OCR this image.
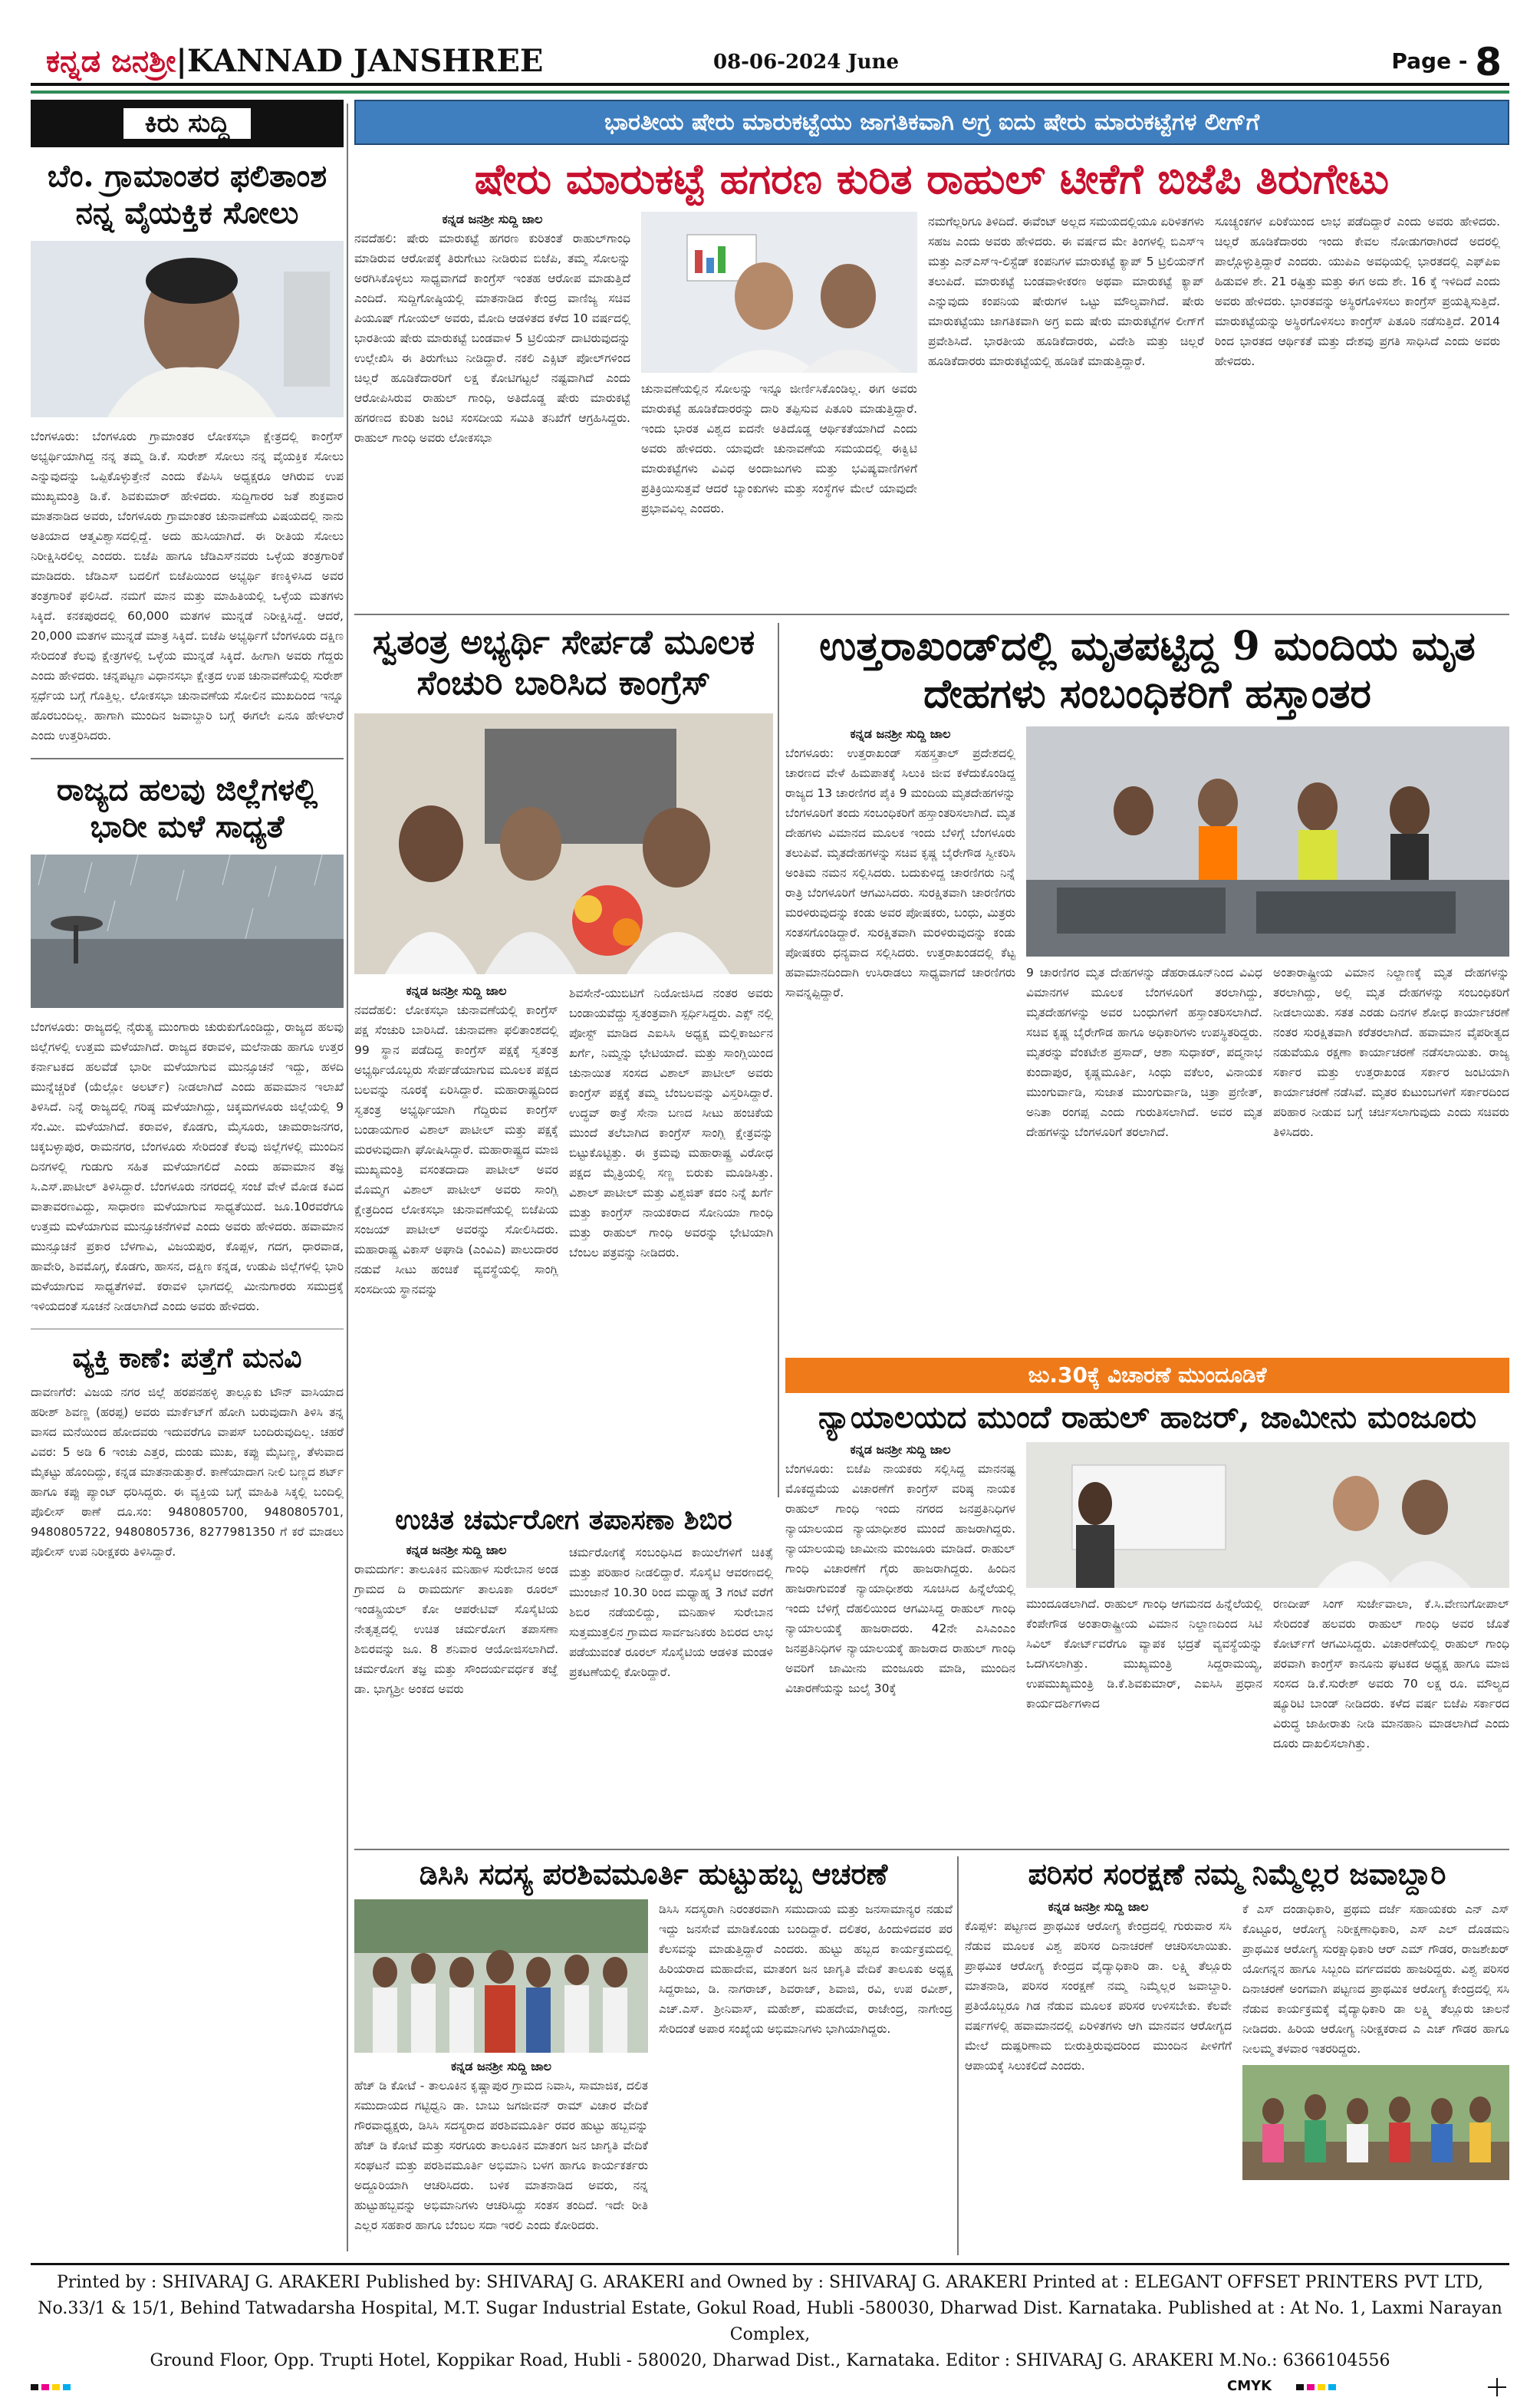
ಕನ್ನಡ ಜನಶ್ರೀ|KANNAD JANSHREE	08-06-2024 June	Page - 8
ಕಿರು ಸುದ್ದಿ
ಬೆಂ. ಗ್ರಾಮಾಂತರ ಫಲಿತಾಂಶ ನನ್ನ ವೈಯಕ್ತಿಕ ಸೋಲು
ಬೆಂಗಳೂರು: ಬೆಂಗಳೂರು ಗ್ರಾಮಾಂತರ ಲೋಕಸಭಾ ಕ್ಷೇತ್ರದಲ್ಲಿ ಕಾಂಗ್ರೆಸ್ ಅಭ್ಯರ್ಥಿಯಾಗಿದ್ದ ನನ್ನ ತಮ್ಮ ಡಿ.ಕೆ. ಸುರೇಶ್ ಸೋಲು ನನ್ನ ವೈಯಕ್ತಿಕ ಸೋಲು ಎನ್ನುವುದನ್ನು ಒಪ್ಪಿಕೊಳ್ಳುತ್ತೇನೆ ಎಂದು ಕೆಪಿಸಿಸಿ ಅಧ್ಯಕ್ಷರೂ ಆಗಿರುವ ಉಪ ಮುಖ್ಯಮಂತ್ರಿ ಡಿ.ಕೆ. ಶಿವಕುಮಾರ್ ಹೇಳಿದರು. ಸುದ್ದಿಗಾರರ ಜತೆ ಶುಕ್ರವಾರ ಮಾತನಾಡಿದ ಅವರು, ಬೆಂಗಳೂರು ಗ್ರಾಮಾಂತರ ಚುನಾವಣೆಯ ವಿಷಯದಲ್ಲಿ ನಾನು ಅತಿಯಾದ ಆತ್ಮವಿಶ್ವಾಸದಲ್ಲಿದ್ದೆ. ಅದು ಹುಸಿಯಾಗಿದೆ. ಈ ರೀತಿಯ ಸೋಲು ನಿರೀಕ್ಷಿಸಿರಲಿಲ್ಲ ಎಂದರು. ಬಿಜೆಪಿ ಹಾಗೂ ಜೆಡಿಎಸ್‌ನವರು ಒಳ್ಳೆಯ ತಂತ್ರಗಾರಿಕೆ ಮಾಡಿದರು. ಜೆಡಿಎಸ್ ಬದಲಿಗೆ ಬಿಜೆಪಿಯಿಂದ ಅಭ್ಯರ್ಥಿ ಕಣಕ್ಕಿಳಿಸಿದ ಅವರ ತಂತ್ರಗಾರಿಕೆ ಫಲಿಸಿದೆ. ನಮಗೆ ಮಾನ ಮತ್ತು ಮಾಹಿತಿಯಲ್ಲಿ ಒಳ್ಳೆಯ ಮತಗಳು ಸಿಕ್ಕಿದೆ. ಕನಕಪುರದಲ್ಲಿ 60,000 ಮತಗಳ ಮುನ್ನಡೆ ನಿರೀಕ್ಷಿಸಿದ್ದೆ. ಆದರೆ, 20,000 ಮತಗಳ ಮುನ್ನಡೆ ಮಾತ್ರ ಸಿಕ್ಕಿದೆ. ಬಿಜೆಪಿ ಅಭ್ಯರ್ಥಿಗೆ ಬೆಂಗಳೂರು ದಕ್ಷಿಣ ಸೇರಿದಂತೆ ಕೆಲವು ಕ್ಷೇತ್ರಗಳಲ್ಲಿ ಒಳ್ಳೆಯ ಮುನ್ನಡೆ ಸಿಕ್ಕಿದೆ. ಹೀಗಾಗಿ ಅವರು ಗೆದ್ದರು ಎಂದು ಹೇಳಿದರು. ಚನ್ನಪಟ್ಟಣ ವಿಧಾನಸಭಾ ಕ್ಷೇತ್ರದ ಉಪ ಚುನಾವಣೆಯಲ್ಲಿ ಸುರೇಶ್ ಸ್ಪರ್ಧೆಯ ಬಗ್ಗೆ ಗೊತ್ತಿಲ್ಲ. ಲೋಕಸಭಾ ಚುನಾವಣೆಯ ಸೋಲಿನ ಮುಖದಿಂದ ಇನ್ನೂ ಹೊರಬಂದಿಲ್ಲ. ಹಾಗಾಗಿ ಮುಂದಿನ ಜವಾಬ್ದಾರಿ ಬಗ್ಗೆ ಈಗಲೇ ಏನೂ ಹೇಳಲಾರೆ ಎಂದು ಉತ್ತರಿಸಿದರು.
ರಾಜ್ಯದ ಹಲವು ಜಿಲ್ಲೆಗಳಲ್ಲಿ ಭಾರೀ ಮಳೆ ಸಾಧ್ಯತೆ
ಬೆಂಗಳೂರು: ರಾಜ್ಯದಲ್ಲಿ ನೈರುತ್ಯ ಮುಂಗಾರು ಚುರುಕುಗೊಂಡಿದ್ದು, ರಾಜ್ಯದ ಹಲವು ಜಿಲ್ಲೆಗಳಲ್ಲಿ ಉತ್ತಮ ಮಳೆಯಾಗಿದೆ. ರಾಜ್ಯದ ಕರಾವಳಿ, ಮಲೆನಾಡು ಹಾಗೂ ಉತ್ತರ ಕರ್ನಾಟಕದ ಹಲವೆಡೆ ಭಾರೀ ಮಳೆಯಾಗುವ ಮುನ್ಸೂಚನೆ ಇದ್ದು, ಹಳದಿ ಮುನ್ನೆಚ್ಚರಿಕೆ (ಯೆಲ್ಲೋ ಅಲರ್ಟ್) ನೀಡಲಾಗಿದೆ ಎಂದು ಹವಾಮಾನ ಇಲಾಖೆ ತಿಳಿಸಿದೆ. ನಿನ್ನೆ ರಾಜ್ಯದಲ್ಲಿ ಗರಿಷ್ಠ ಮಳೆಯಾಗಿದ್ದು, ಚಿಕ್ಕಮಗಳೂರು ಜಿಲ್ಲೆಯಲ್ಲಿ 9 ಸೆಂ.ಮೀ. ಮಳೆಯಾಗಿದೆ. ಕರಾವಳಿ, ಕೊಡಗು, ಮೈಸೂರು, ಚಾಮರಾಜನಗರ, ಚಿಕ್ಕಬಳ್ಳಾಪುರ, ರಾಮನಗರ, ಬೆಂಗಳೂರು ಸೇರಿದಂತೆ ಕೆಲವು ಜಿಲ್ಲೆಗಳಲ್ಲಿ ಮುಂದಿನ ದಿನಗಳಲ್ಲಿ ಗುಡುಗು ಸಹಿತ ಮಳೆಯಾಗಲಿದೆ ಎಂದು ಹವಾಮಾನ ತಜ್ಞ ಸಿ.ಎಸ್.ಪಾಟೀಲ್ ತಿಳಿಸಿದ್ದಾರೆ. ಬೆಂಗಳೂರು ನಗರದಲ್ಲಿ ಸಂಜೆ ವೇಳೆ ಮೋಡ ಕವಿದ ವಾತಾವರಣವಿದ್ದು, ಸಾಧಾರಣ ಮಳೆಯಾಗುವ ಸಾಧ್ಯತೆಯಿದೆ. ಜೂ.10ರವರೆಗೂ ಉತ್ತಮ ಮಳೆಯಾಗುವ ಮುನ್ಸೂಚನೆಗಳಿವೆ ಎಂದು ಅವರು ಹೇಳಿದರು. ಹವಾಮಾನ ಮುನ್ಸೂಚನೆ ಪ್ರಕಾರ ಬೆಳಗಾವಿ, ವಿಜಯಪುರ, ಕೊಪ್ಪಳ, ಗದಗ, ಧಾರವಾಡ, ಹಾವೇರಿ, ಶಿವಮೊಗ್ಗ, ಕೊಡಗು, ಹಾಸನ, ದಕ್ಷಿಣ ಕನ್ನಡ, ಉಡುಪಿ ಜಿಲ್ಲೆಗಳಲ್ಲಿ ಭಾರಿ ಮಳೆಯಾಗುವ ಸಾಧ್ಯತೆಗಳಿವೆ. ಕರಾವಳಿ ಭಾಗದಲ್ಲಿ ಮೀನುಗಾರರು ಸಮುದ್ರಕ್ಕೆ ಇಳಿಯದಂತೆ ಸೂಚನೆ ನೀಡಲಾಗಿದೆ ಎಂದು ಅವರು ಹೇಳಿದರು.
ವ್ಯಕ್ತಿ ಕಾಣೆ: ಪತ್ತೆಗೆ ಮನವಿ
ದಾವಣಗೆರೆ: ವಿಜಯ ನಗರ ಜಿಲ್ಲೆ ಹರಪನಹಳ್ಳಿ ತಾಲ್ಲೂಕು ಟೌನ್ ವಾಸಿಯಾದ ಹರೀಶ್ ಶಿವಣ್ಣ (ಹರಪ್ಪ) ಅವರು ಮಾರ್ಕೆಟ್‌ಗೆ ಹೋಗಿ ಬರುವುದಾಗಿ ತಿಳಿಸಿ ತನ್ನ ವಾಸದ ಮನೆಯಿಂದ ಹೋದವರು ಇದುವರೆಗೂ ವಾಪಸ್ ಬಂದಿರುವುದಿಲ್ಲ. ಚಹರೆ ವಿವರ: 5 ಅಡಿ 6 ಇಂಚು ಎತ್ತರ, ದುಂಡು ಮುಖ, ಕಪ್ಪು ಮೈಬಣ್ಣ, ತೆಳುವಾದ ಮೈಕಟ್ಟು ಹೊಂದಿದ್ದು, ಕನ್ನಡ ಮಾತನಾಡುತ್ತಾರೆ. ಕಾಣೆಯಾದಾಗ ನೀಲಿ ಬಣ್ಣದ ಶರ್ಟ್ ಹಾಗೂ ಕಪ್ಪು ಪ್ಯಾಂಟ್ ಧರಿಸಿದ್ದರು. ಈ ವ್ಯಕ್ತಿಯ ಬಗ್ಗೆ ಮಾಹಿತಿ ಸಿಕ್ಕಲ್ಲಿ ಬಂದಿಲ್ಲಿ ಪೊಲೀಸ್ ಠಾಣೆ ದೂ.ಸಂ: 9480805700, 9480805701, 9480805722, 9480805736, 8277981350 ಗೆ ಕರೆ ಮಾಡಲು ಪೊಲೀಸ್ ಉಪ ನಿರೀಕ್ಷಕರು ತಿಳಿಸಿದ್ದಾರೆ.
ಭಾರತೀಯ ಷೇರು ಮಾರುಕಟ್ಟೆಯು ಜಾಗತಿಕವಾಗಿ ಅಗ್ರ ಐದು ಷೇರು ಮಾರುಕಟ್ಟೆಗಳ ಲೀಗ್‌ಗೆ
ಷೇರು ಮಾರುಕಟ್ಟೆ ಹಗರಣ ಕುರಿತ ರಾಹುಲ್ ಟೀಕೆಗೆ ಬಿಜೆಪಿ ತಿರುಗೇಟು
ಕನ್ನಡ ಜನಶ್ರೀ ಸುದ್ದಿ ಜಾಲ
ನವದೆಹಲಿ: ಷೇರು ಮಾರುಕಟ್ಟೆ ಹಗರಣ ಕುರಿತಂತೆ ರಾಹುಲ್‌ಗಾಂಧಿ ಮಾಡಿರುವ ಆರೋಪಕ್ಕೆ ತಿರುಗೇಟು ನೀಡಿರುವ ಬಿಜೆಪಿ, ತಮ್ಮ ಸೋಲನ್ನು ಅರಗಿಸಿಕೊಳ್ಳಲು ಸಾಧ್ಯವಾಗದೆ ಕಾಂಗ್ರೆಸ್ ಇಂತಹ ಆರೋಪ ಮಾಡುತ್ತಿದೆ ಎಂದಿದೆ. ಸುದ್ದಿಗೋಷ್ಠಿಯಲ್ಲಿ ಮಾತನಾಡಿದ ಕೇಂದ್ರ ವಾಣಿಜ್ಯ ಸಚಿವ ಪಿಯೂಷ್ ಗೋಯಲ್ ಅವರು, ಮೋದಿ ಆಡಳಿತದ ಕಳೆದ 10 ವರ್ಷದಲ್ಲಿ ಭಾರತೀಯ ಷೇರು ಮಾರುಕಟ್ಟೆ ಬಂಡವಾಳ 5 ಟ್ರಿಲಿಯನ್ ದಾಟಿರುವುದನ್ನು ಉಲ್ಲೇಖಿಸಿ ಈ ತಿರುಗೇಟು ನೀಡಿದ್ದಾರೆ. ನಕಲಿ ಎಕ್ಸಿಟ್ ಪೋಲ್‌ಗಳಿಂದ ಚಿಲ್ಲರೆ ಹೂಡಿಕೆದಾರರಿಗೆ ಲಕ್ಷ ಕೋಟಿಗಟ್ಟಲೆ ನಷ್ಟವಾಗಿದೆ ಎಂದು ಆರೋಪಿಸಿರುವ ರಾಹುಲ್ ಗಾಂಧಿ, ಅತಿದೊಡ್ಡ ಷೇರು ಮಾರುಕಟ್ಟೆ ಹಗರಣದ ಕುರಿತು ಜಂಟಿ ಸಂಸದೀಯ ಸಮಿತಿ ತನಿಖೆಗೆ ಆಗ್ರಹಿಸಿದ್ದರು. ರಾಹುಲ್ ಗಾಂಧಿ ಅವರು ಲೋಕಸಭಾ
ಚುನಾವಣೆಯಲ್ಲಿನ ಸೋಲನ್ನು ಇನ್ನೂ ಜೀರ್ಣಿಸಿಕೊಂಡಿಲ್ಲ. ಈಗ ಅವರು ಮಾರುಕಟ್ಟೆ ಹೂಡಿಕೆದಾರರನ್ನು ದಾರಿ ತಪ್ಪಿಸುವ ಪಿತೂರಿ ಮಾಡುತ್ತಿದ್ದಾರೆ. ಇಂದು ಭಾರತ ವಿಶ್ವದ ಐದನೇ ಅತಿದೊಡ್ಡ ಆರ್ಥಿಕತೆಯಾಗಿದೆ ಎಂದು ಅವರು ಹೇಳಿದರು. ಯಾವುದೇ ಚುನಾವಣೆಯ ಸಮಯದಲ್ಲಿ ಈಕ್ವಿಟಿ ಮಾರುಕಟ್ಟೆಗಳು ವಿವಿಧ ಅಂದಾಜುಗಳು ಮತ್ತು ಭವಿಷ್ಯವಾಣಿಗಳಿಗೆ ಪ್ರತಿಕ್ರಿಯಿಸುತ್ತವೆ ಆದರೆ ಬ್ಯಾಂಕುಗಳು ಮತ್ತು ಸಂಸ್ಥೆಗಳ ಮೇಲೆ ಯಾವುದೇ ಪ್ರಭಾವವಿಲ್ಲ ಎಂದರು.
ನಮಗೆಲ್ಲರಿಗೂ ತಿಳಿದಿದೆ. ಈವೆಂಟ್ ಅಲ್ಲದ ಸಮಯದಲ್ಲಿಯೂ ಏರಿಳಿತಗಳು ಸಹಜ ಎಂದು ಅವರು ಹೇಳಿದರು. ಈ ವರ್ಷದ ಮೇ ತಿಂಗಳಲ್ಲಿ ಬಿಎಸ್‌ಇ ಮತ್ತು ಎನ್‌ಎಸ್‌ಇ-ಲಿಸ್ಟೆಡ್ ಕಂಪನಿಗಳ ಮಾರುಕಟ್ಟೆ ಕ್ಯಾಪ್ 5 ಟ್ರಿಲಿಯನ್‌ಗೆ ತಲುಪಿದೆ. ಮಾರುಕಟ್ಟೆ ಬಂಡವಾಳೀಕರಣ ಅಥವಾ ಮಾರುಕಟ್ಟೆ ಕ್ಯಾಪ್ ಎನ್ನುವುದು ಕಂಪನಿಯ ಷೇರುಗಳ ಒಟ್ಟು ಮೌಲ್ಯವಾಗಿದೆ. ಷೇರು ಮಾರುಕಟ್ಟೆಯು ಜಾಗತಿಕವಾಗಿ ಅಗ್ರ ಐದು ಷೇರು ಮಾರುಕಟ್ಟೆಗಳ ಲೀಗ್‌ಗೆ ಪ್ರವೇಶಿಸಿದೆ. ಭಾರತೀಯ ಹೂಡಿಕೆದಾರರು, ವಿದೇಶಿ ಮತ್ತು ಚಿಲ್ಲರೆ ಹೂಡಿಕೆದಾರರು ಮಾರುಕಟ್ಟೆಯಲ್ಲಿ ಹೂಡಿಕೆ ಮಾಡುತ್ತಿದ್ದಾರೆ.
ಸೂಚ್ಯಂಕಗಳ ಏರಿಕೆಯಿಂದ ಲಾಭ ಪಡೆದಿದ್ದಾರೆ ಎಂದು ಅವರು ಹೇಳಿದರು. ಚಿಲ್ಲರೆ ಹೂಡಿಕೆದಾರರು ಇಂದು ಕೇವಲ ನೋಡುಗರಾಗಿರದೆ ಅದರಲ್ಲಿ ಪಾಲ್ಗೊಳ್ಳುತ್ತಿದ್ದಾರೆ ಎಂದರು. ಯುಪಿಎ ಅವಧಿಯಲ್ಲಿ ಭಾರತದಲ್ಲಿ ಎಫ್‌ಪಿಐ ಹಿಡುವಳಿ ಶೇ. 21 ರಷ್ಟಿತ್ತು ಮತ್ತು ಈಗ ಅದು ಶೇ. 16 ಕ್ಕೆ ಇಳಿದಿದೆ ಎಂದು ಅವರು ಹೇಳಿದರು. ಭಾರತವನ್ನು ಅಸ್ಥಿರಗೊಳಿಸಲು ಕಾಂಗ್ರೆಸ್ ಪ್ರಯತ್ನಿಸುತ್ತಿದೆ. ಮಾರುಕಟ್ಟೆಯನ್ನು ಅಸ್ಥಿರಗೊಳಿಸಲು ಕಾಂಗ್ರೆಸ್ ಪಿತೂರಿ ನಡೆಸುತ್ತಿದೆ. 2014 ರಿಂದ ಭಾರತದ ಆರ್ಥಿಕತೆ ಮತ್ತು ದೇಶವು ಪ್ರಗತಿ ಸಾಧಿಸಿದೆ ಎಂದು ಅವರು ಹೇಳಿದರು.
ಸ್ವತಂತ್ರ ಅಭ್ಯರ್ಥಿ ಸೇರ್ಪಡೆ ಮೂಲಕ ಸೆಂಚುರಿ ಬಾರಿಸಿದ ಕಾಂಗ್ರೆಸ್
ಕನ್ನಡ ಜನಶ್ರೀ ಸುದ್ದಿ ಜಾಲ
ನವದೆಹಲಿ: ಲೋಕಸಭಾ ಚುನಾವಣೆಯಲ್ಲಿ ಕಾಂಗ್ರೆಸ್ ಪಕ್ಷ ಸೆಂಚುರಿ ಬಾರಿಸಿದೆ. ಚುನಾವಣಾ ಫಲಿತಾಂಶದಲ್ಲಿ 99 ಸ್ಥಾನ ಪಡೆದಿದ್ದ ಕಾಂಗ್ರೆಸ್ ಪಕ್ಷಕ್ಕೆ ಸ್ವತಂತ್ರ ಅಭ್ಯರ್ಥಿಯೊಬ್ಬರು ಸೇರ್ಪಡೆಯಾಗುವ ಮೂಲಕ ಪಕ್ಷದ ಬಲವನ್ನು ನೂರಕ್ಕೆ ಏರಿಸಿದ್ದಾರೆ. ಮಹಾರಾಷ್ಟ್ರದಿಂದ ಸ್ವತಂತ್ರ ಅಭ್ಯರ್ಥಿಯಾಗಿ ಗೆದ್ದಿರುವ ಕಾಂಗ್ರೆಸ್ ಬಂಡಾಯಗಾರ ವಿಶಾಲ್ ಪಾಟೀಲ್ ಮತ್ತು ಪಕ್ಷಕ್ಕೆ ಮರಳುವುದಾಗಿ ಘೋಷಿಸಿದ್ದಾರೆ. ಮಹಾರಾಷ್ಟ್ರದ ಮಾಜಿ ಮುಖ್ಯಮಂತ್ರಿ ವಸಂತದಾದಾ ಪಾಟೀಲ್ ಅವರ ಮೊಮ್ಮಗ ವಿಶಾಲ್ ಪಾಟೀಲ್ ಅವರು ಸಾಂಗ್ಲಿ ಕ್ಷೇತ್ರದಿಂದ ಲೋಕಸಭಾ ಚುನಾವಣೆಯಲ್ಲಿ ಬಿಜೆಪಿಯ ಸಂಜಯ್ ಪಾಟೀಲ್ ಅವರನ್ನು ಸೋಲಿಸಿದರು. ಮಹಾರಾಷ್ಟ್ರ ವಿಕಾಸ್ ಅಘಾಡಿ (ಎಂವಿಎ) ಪಾಲುದಾರರ ನಡುವೆ ಸೀಟು ಹಂಚಿಕೆ ವ್ಯವಸ್ಥೆಯಲ್ಲಿ ಸಾಂಗ್ಲಿ ಸಂಸದೀಯ ಸ್ಥಾನವನ್ನು
ಶಿವಸೇನೆ-ಯುಬಿಟಿಗೆ ನಿಯೋಜಿಸಿದ ನಂತರ ಅವರು ಬಂಡಾಯವೆದ್ದು ಸ್ವತಂತ್ರವಾಗಿ ಸ್ಪರ್ಧಿಸಿದ್ದರು. ಎಕ್ಸ್ ನಲ್ಲಿ ಪೋಸ್ಟ್ ಮಾಡಿದ ಎಐಸಿಸಿ ಅಧ್ಯಕ್ಷ ಮಲ್ಲಿಕಾರ್ಜುನ ಖರ್ಗೆ, ನಿಮ್ಮನ್ನು ಭೇಟಿಯಾದೆ. ಮತ್ತು ಸಾಂಗ್ಲಿಯಿಂದ ಚುನಾಯಿತ ಸಂಸದ ವಿಶಾಲ್ ಪಾಟೀಲ್ ಅವರು ಕಾಂಗ್ರೆಸ್ ಪಕ್ಷಕ್ಕೆ ತಮ್ಮ ಬೆಂಬಲವನ್ನು ವಿಸ್ತರಿಸಿದ್ದಾರೆ. ಉದ್ಧವ್ ಠಾಕ್ರೆ ಸೇನಾ ಬಣದ ಸೀಟು ಹಂಚಿಕೆಯ ಮುಂದೆ ತಲೆಬಾಗಿದ ಕಾಂಗ್ರೆಸ್ ಸಾಂಗ್ಲಿ ಕ್ಷೇತ್ರವನ್ನು ಬಿಟ್ಟುಕೊಟ್ಟಿತ್ತು. ಈ ಕ್ರಮವು ಮಹಾರಾಷ್ಟ್ರ ವಿರೋಧ ಪಕ್ಷದ ಮೈತ್ರಿಯಲ್ಲಿ ಸಣ್ಣ ಬಿರುಕು ಮೂಡಿಸಿತ್ತು. ವಿಶಾಲ್ ಪಾಟೀಲ್ ಮತ್ತು ವಿಶ್ವಜಿತ್ ಕದಂ ನಿನ್ನೆ ಖರ್ಗೆ ಮತ್ತು ಕಾಂಗ್ರೆಸ್ ನಾಯಕರಾದ ಸೋನಿಯಾ ಗಾಂಧಿ ಮತ್ತು ರಾಹುಲ್ ಗಾಂಧಿ ಅವರನ್ನು ಭೇಟಿಯಾಗಿ ಬೆಂಬಲ ಪತ್ರವನ್ನು ನೀಡಿದರು.
ಉತ್ತರಾಖಂಡ್‌ದಲ್ಲಿ ಮೃತಪಟ್ಟಿದ್ದ 9 ಮಂದಿಯ ಮೃತ ದೇಹಗಳು ಸಂಬಂಧಿಕರಿಗೆ ಹಸ್ತಾಂತರ
ಕನ್ನಡ ಜನಶ್ರೀ ಸುದ್ದಿ ಜಾಲ
ಬೆಂಗಳೂರು: ಉತ್ತರಾಖಂಡ್ ಸಹಸ್ತ್ರತಾಲ್ ಪ್ರದೇಶದಲ್ಲಿ ಚಾರಣದ ವೇಳೆ ಹಿಮಪಾತಕ್ಕೆ ಸಿಲುಕಿ ಜೀವ ಕಳೆದುಕೊಂಡಿದ್ದ ರಾಜ್ಯದ 13 ಚಾರಣಿಗರ ಪೈಕಿ 9 ಮಂದಿಯ ಮೃತದೇಹಗಳನ್ನು ಬೆಂಗಳೂರಿಗೆ ತಂದು ಸಂಬಂಧಿಕರಿಗೆ ಹಸ್ತಾಂತರಿಸಲಾಗಿದೆ. ಮೃತ ದೇಹಗಳು ವಿಮಾನದ ಮೂಲಕ ಇಂದು ಬೆಳಿಗ್ಗೆ ಬೆಂಗಳೂರು ತಲುಪಿವೆ. ಮೃತದೇಹಗಳನ್ನು ಸಚಿವ ಕೃಷ್ಣ ಬೈರೇಗೌಡ ಸ್ವೀಕರಿಸಿ ಅಂತಿಮ ನಮನ ಸಲ್ಲಿಸಿದರು. ಬದುಕುಳಿದ್ದ ಚಾರಣಿಗರು ನಿನ್ನೆ ರಾತ್ರಿ ಬೆಂಗಳೂರಿಗೆ ಆಗಮಿಸಿದರು. ಸುರಕ್ಷಿತವಾಗಿ ಚಾರಣಿಗರು ಮರಳಿರುವುದನ್ನು ಕಂಡು ಅವರ ಪೋಷಕರು, ಬಂಧು, ಮಿತ್ರರು ಸಂತಸಗೊಂಡಿದ್ದಾರೆ. ಸುರಕ್ಷಿತವಾಗಿ ಮರಳಿರುವುದನ್ನು ಕಂಡು ಪೋಷಕರು ಧನ್ಯವಾದ ಸಲ್ಲಿಸಿದರು. ಉತ್ತರಾಖಂಡದಲ್ಲಿ ಕೆಟ್ಟ ಹವಾಮಾನದಿಂದಾಗಿ ಉಸಿರಾಡಲು ಸಾಧ್ಯವಾಗದೆ ಚಾರಣಿಗರು ಸಾವನ್ನಪ್ಪಿದ್ದಾರೆ.
9 ಚಾರಣಿಗರ ಮೃತ ದೇಹಗಳನ್ನು ಡೆಹರಾಡೂನ್‌ನಿಂದ ವಿವಿಧ ವಿಮಾನಗಳ ಮೂಲಕ ಬೆಂಗಳೂರಿಗೆ ತರಲಾಗಿದ್ದು, ಮೃತದೇಹಗಳನ್ನು ಅವರ ಬಂಧುಗಳಿಗೆ ಹಸ್ತಾಂತರಿಸಲಾಗಿದೆ. ಸಚಿವ ಕೃಷ್ಣ ಬೈರೇಗೌಡ ಹಾಗೂ ಅಧಿಕಾರಿಗಳು ಉಪಸ್ಥಿತರಿದ್ದರು. ಮೃತರನ್ನು ವೆಂಕಟೇಶ ಪ್ರಸಾದ್, ಆಶಾ ಸುಧಾಕರ್, ಪದ್ಮನಾಭ ಕುಂದಾಪುರ, ಕೃಷ್ಣಮೂರ್ತಿ, ಸಿಂಧು ವಕೆಲಂ, ವಿನಾಯಕ ಮುಂಗುರ್ವಾಡಿ, ಸುಜಾತ ಮುಂಗುರ್ವಾಡಿ, ಚಿತ್ರಾ ಪ್ರಣೀತ್, ಅನಿತಾ ರಂಗಪ್ಪ ಎಂದು ಗುರುತಿಸಲಾಗಿದೆ. ಅವರ ಮೃತ ದೇಹಗಳನ್ನು ಬೆಂಗಳೂರಿಗೆ ತರಲಾಗಿದೆ.
ಅಂತಾರಾಷ್ಟ್ರೀಯ ವಿಮಾನ ನಿಲ್ದಾಣಕ್ಕೆ ಮೃತ ದೇಹಗಳನ್ನು ತರಲಾಗಿದ್ದು, ಅಲ್ಲಿ ಮೃತ ದೇಹಗಳನ್ನು ಸಂಬಂಧಿಕರಿಗೆ ನೀಡಲಾಯಿತು. ಸತತ ಎರಡು ದಿನಗಳ ಶೋಧ ಕಾರ್ಯಾಚರಣೆ ನಂತರ ಸುರಕ್ಷಿತವಾಗಿ ಕರೆತರಲಾಗಿದೆ. ಹವಾಮಾನ ವೈಪರೀತ್ಯದ ನಡುವೆಯೂ ರಕ್ಷಣಾ ಕಾರ್ಯಾಚರಣೆ ನಡೆಸಲಾಯಿತು. ರಾಜ್ಯ ಸರ್ಕಾರ ಮತ್ತು ಉತ್ತರಾಖಂಡ ಸರ್ಕಾರ ಜಂಟಿಯಾಗಿ ಕಾರ್ಯಾಚರಣೆ ನಡೆಸಿವೆ. ಮೃತರ ಕುಟುಂಬಗಳಿಗೆ ಸರ್ಕಾರದಿಂದ ಪರಿಹಾರ ನೀಡುವ ಬಗ್ಗೆ ಚರ್ಚಿಸಲಾಗುವುದು ಎಂದು ಸಚಿವರು ತಿಳಿಸಿದರು.
ಜು.30ಕ್ಕೆ ವಿಚಾರಣೆ ಮುಂದೂಡಿಕೆ
ನ್ಯಾಯಾಲಯದ ಮುಂದೆ ರಾಹುಲ್ ಹಾಜರ್, ಜಾಮೀನು ಮಂಜೂರು
ಕನ್ನಡ ಜನಶ್ರೀ ಸುದ್ದಿ ಜಾಲ
ಬೆಂಗಳೂರು: ಬಿಜೆಪಿ ನಾಯಕರು ಸಲ್ಲಿಸಿದ್ದ ಮಾನನಷ್ಟ ಮೊಕದ್ದಮೆಯ ವಿಚಾರಣೆಗೆ ಕಾಂಗ್ರೆಸ್ ವರಿಷ್ಠ ನಾಯಕ ರಾಹುಲ್ ಗಾಂಧಿ ಇಂದು ನಗರದ ಜನಪ್ರತಿನಿಧಿಗಳ ನ್ಯಾಯಾಲಯದ ನ್ಯಾಯಾಧೀಶರ ಮುಂದೆ ಹಾಜರಾಗಿದ್ದರು. ನ್ಯಾಯಾಲಯವು ಜಾಮೀನು ಮಂಜೂರು ಮಾಡಿದೆ. ರಾಹುಲ್ ಗಾಂಧಿ ವಿಚಾರಣೆಗೆ ಗೈರು ಹಾಜರಾಗಿದ್ದರು. ಹಿಂದಿನ ಹಾಜರಾಗುವಂತೆ ನ್ಯಾಯಾಧೀಶರು ಸೂಚಿಸಿದ ಹಿನ್ನೆಲೆಯಲ್ಲಿ ಇಂದು ಬೆಳಿಗ್ಗೆ ದೆಹಲಿಯಿಂದ ಆಗಮಿಸಿದ್ದ ರಾಹುಲ್ ಗಾಂಧಿ ನ್ಯಾಯಾಲಯಕ್ಕೆ ಹಾಜರಾದರು. 42ನೇ ಎಸಿಎಂಎಂ ಜನಪ್ರತಿನಿಧಿಗಳ ನ್ಯಾಯಾಲಯಕ್ಕೆ ಹಾಜರಾದ ರಾಹುಲ್ ಗಾಂಧಿ ಅವರಿಗೆ ಜಾಮೀನು ಮಂಜೂರು ಮಾಡಿ, ಮುಂದಿನ ವಿಚಾರಣೆಯನ್ನು ಜುಲೈ 30ಕ್ಕೆ
ಮುಂದೂಡಲಾಗಿದೆ. ರಾಹುಲ್ ಗಾಂಧಿ ಆಗಮನದ ಹಿನ್ನೆಲೆಯಲ್ಲಿ ಕೆಂಪೇಗೌಡ ಅಂತಾರಾಷ್ಟ್ರೀಯ ವಿಮಾನ ನಿಲ್ದಾಣದಿಂದ ಸಿಟಿ ಸಿವಿಲ್ ಕೋರ್ಟ್‌ವರೆಗೂ ವ್ಯಾಪಕ ಭದ್ರತೆ ವ್ಯವಸ್ಥೆಯನ್ನು ಒದಗಿಸಲಾಗಿತ್ತು. ಮುಖ್ಯಮಂತ್ರಿ ಸಿದ್ದರಾಮಯ್ಯ, ಉಪಮುಖ್ಯಮಂತ್ರಿ ಡಿ.ಕೆ.ಶಿವಕುಮಾರ್, ಎಐಸಿಸಿ ಪ್ರಧಾನ ಕಾರ್ಯದರ್ಶಿಗಳಾದ
ರಣದೀಪ್ ಸಿಂಗ್ ಸುರ್ಜೇವಾಲಾ, ಕೆ.ಸಿ.ವೇಣುಗೋಪಾಲ್ ಸೇರಿದಂತೆ ಹಲವರು ರಾಹುಲ್ ಗಾಂಧಿ ಅವರ ಜೊತೆ ಕೋರ್ಟ್‌ಗೆ ಆಗಮಿಸಿದ್ದರು. ವಿಚಾರಣೆಯಲ್ಲಿ ರಾಹುಲ್ ಗಾಂಧಿ ಪರವಾಗಿ ಕಾಂಗ್ರೆಸ್ ಕಾನೂನು ಘಟಕದ ಅಧ್ಯಕ್ಷ ಹಾಗೂ ಮಾಜಿ ಸಂಸದ ಡಿ.ಕೆ.ಸುರೇಶ್ ಅವರು 70 ಲಕ್ಷ ರೂ. ಮೌಲ್ಯದ ಷ್ಯೂರಿಟಿ ಬಾಂಡ್ ನೀಡಿದರು. ಕಳೆದ ವರ್ಷ ಬಿಜೆಪಿ ಸರ್ಕಾರದ ವಿರುದ್ಧ ಜಾಹೀರಾತು ನೀಡಿ ಮಾನಹಾನಿ ಮಾಡಲಾಗಿದೆ ಎಂದು ದೂರು ದಾಖಲಿಸಲಾಗಿತ್ತು.
ಉಚಿತ ಚರ್ಮರೋಗ ತಪಾಸಣಾ ಶಿಬಿರ
ಕನ್ನಡ ಜನಶ್ರೀ ಸುದ್ದಿ ಜಾಲ
ರಾಮದುರ್ಗ: ತಾಲೂಕಿನ ಮನಿಹಾಳ ಸುರೇಬಾನ ಅಂಡ ಗ್ರಾಮದ ದಿ ರಾಮದುರ್ಗ ತಾಲೂಕಾ ರೂರಲ್ ಇಂಡಸ್ಟ್ರಿಯಲ್ ಕೋ ಆಪರೇಟಿವ್ ಸೊಸೈಟಿಯ ನೇತೃತ್ವದಲ್ಲಿ ಉಚಿತ ಚರ್ಮರೋಗ ತಪಾಸಣಾ ಶಿಬಿರವನ್ನು ಜೂ. 8 ಶನಿವಾರ ಆಯೋಜಿಸಲಾಗಿದೆ. ಚರ್ಮರೋಗ ತಜ್ಞ ಮತ್ತು ಸೌಂದರ್ಯವರ್ಧಕ ತಜ್ಞೆ ಡಾ. ಭಾಗ್ಯಶ್ರೀ ಅಂಕದ ಅವರು
ಚರ್ಮರೋಗಕ್ಕೆ ಸಂಬಂಧಿಸಿದ ಕಾಯಿಲೆಗಳಿಗೆ ಚಿಕಿತ್ಸೆ ಮತ್ತು ಪರಿಹಾರ ನೀಡಲಿದ್ದಾರೆ. ಸೊಸೈಟಿ ಆವರಣದಲ್ಲಿ ಮುಂಜಾನೆ 10.30 ರಿಂದ ಮಧ್ಯಾಹ್ನ 3 ಗಂಟೆ ವರೆಗೆ ಶಿಬಿರ ನಡೆಯಲಿದ್ದು, ಮನಿಹಾಳ ಸುರೇಬಾನ ಸುತ್ತಮುತ್ತಲಿನ ಗ್ರಾಮದ ಸಾರ್ವಜನಿಕರು ಶಿಬಿರದ ಲಾಭ ಪಡೆಯುವಂತೆ ರೂರಲ್ ಸೊಸೈಟಿಯ ಆಡಳಿತ ಮಂಡಳಿ ಪ್ರಕಟಣೆಯಲ್ಲಿ ಕೋರಿದ್ದಾರೆ.
ಡಿಸಿಸಿ ಸದಸ್ಯ ಪರಶಿವಮೂರ್ತಿ ಹುಟ್ಟುಹಬ್ಬ ಆಚರಣೆ
ಕನ್ನಡ ಜನಶ್ರೀ ಸುದ್ದಿ ಜಾಲ
ಹೆಚ್ ಡಿ ಕೋಟೆ - ತಾಲೂಕಿನ ಕೃಷ್ಣಾಪುರ ಗ್ರಾಮದ ನಿವಾಸಿ, ಸಾಮಾಜಿಕ, ದಲಿತ ಸಮುದಾಯದ ಗಟ್ಟಿಧ್ವನಿ ಡಾ. ಬಾಬು ಜಗಜೀವನ್ ರಾಮ್ ವಿಚಾರ ವೇದಿಕೆ ಗೌರವಾಧ್ಯಕ್ಷರು, ಡಿಸಿಸಿ ಸದಸ್ಯರಾದ ಪರಶಿವಮೂರ್ತಿ ರವರ ಹುಟ್ಟು ಹಬ್ಬವನ್ನು ಹೆಚ್ ಡಿ ಕೋಟೆ ಮತ್ತು ಸರಗೂರು ತಾಲೂಕಿನ ಮಾತಂಗ ಜನ ಜಾಗೃತಿ ವೇದಿಕೆ ಸಂಘಟನೆ ಮತ್ತು ಪರಶಿವಮೂರ್ತಿ ಅಭಿಮಾನಿ ಬಳಗ ಹಾಗೂ ಕಾರ್ಯಕರ್ತರು ಅದ್ದೂರಿಯಾಗಿ ಆಚರಿಸಿದರು. ಬಳಿಕ ಮಾತನಾಡಿದ ಅವರು, ನನ್ನ ಹುಟ್ಟುಹಬ್ಬವನ್ನು ಅಭಿಮಾನಿಗಳು ಆಚರಿಸಿದ್ದು ಸಂತಸ ತಂದಿದೆ. ಇದೇ ರೀತಿ ಎಲ್ಲರ ಸಹಕಾರ ಹಾಗೂ ಬೆಂಬಲ ಸದಾ ಇರಲಿ ಎಂದು ಕೋರಿದರು.
ಡಿಸಿಸಿ ಸದಸ್ಯರಾಗಿ ನಿರಂತರವಾಗಿ ಸಮುದಾಯ ಮತ್ತು ಜನಸಾಮಾನ್ಯರ ನಡುವೆ ಇದ್ದು ಜನಸೇವೆ ಮಾಡಿಕೊಂಡು ಬಂದಿದ್ದಾರೆ. ದಲಿತರ, ಹಿಂದುಳಿದವರ ಪರ ಕೆಲಸವನ್ನು ಮಾಡುತ್ತಿದ್ದಾರೆ ಎಂದರು. ಹುಟ್ಟು ಹಬ್ಬದ ಕಾರ್ಯಕ್ರಮದಲ್ಲಿ ಹಿರಿಯರಾದ ಮಹಾದೇವ, ಮಾತಂಗ ಜನ ಜಾಗೃತಿ ವೇದಿಕೆ ತಾಲೂಕು ಅಧ್ಯಕ್ಷ ಸಿದ್ದರಾಜು, ಡಿ. ನಾಗರಾಜ್, ಶಿವರಾಜ್, ಶಿವಾಜಿ, ರವಿ, ಉಪ ರವೀಶ್, ಎಚ್.ಎಸ್. ಶ್ರೀನಿವಾಸ್, ಮಹೇಶ್, ಮಹದೇವ, ರಾಜೇಂದ್ರ, ನಾಗೇಂದ್ರ ಸೇರಿದಂತೆ ಅಪಾರ ಸಂಖ್ಯೆಯ ಅಭಿಮಾನಿಗಳು ಭಾಗಿಯಾಗಿದ್ದರು.
ಪರಿಸರ ಸಂರಕ್ಷಣೆ ನಮ್ಮ ನಿಮ್ಮೆಲ್ಲರ ಜವಾಬ್ದಾರಿ
ಕನ್ನಡ ಜನಶ್ರೀ ಸುದ್ದಿ ಜಾಲ
ಕೊಪ್ಪಳ: ಪಟ್ಟಣದ ಪ್ರಾಥಮಿಕ ಆರೋಗ್ಯ ಕೇಂದ್ರದಲ್ಲಿ ಗುರುವಾರ ಸಸಿ ನೆಡುವ ಮೂಲಕ ವಿಶ್ವ ಪರಿಸರ ದಿನಾಚರಣೆ ಆಚರಿಸಲಾಯಿತು. ಪ್ರಾಥಮಿಕ ಆರೋಗ್ಯ ಕೇಂದ್ರದ ವೈದ್ಯಾಧಿಕಾರಿ ಡಾ. ಲಕ್ಷ್ಮಿ ತೆಲ್ಲೂರು ಮಾತನಾಡಿ, ಪರಿಸರ ಸಂರಕ್ಷಣೆ ನಮ್ಮ ನಿಮ್ಮೆಲ್ಲರ ಜವಾಬ್ದಾರಿ. ಪ್ರತಿಯೊಬ್ಬರೂ ಗಿಡ ನೆಡುವ ಮೂಲಕ ಪರಿಸರ ಉಳಿಸಬೇಕು. ಕೆಲವೇ ವರ್ಷಗಳಲ್ಲಿ ಹವಾಮಾನದಲ್ಲಿ ಏರಿಳಿತಗಳು ಆಗಿ ಮಾನವನ ಆರೋಗ್ಯದ ಮೇಲೆ ದುಷ್ಪರಿಣಾಮ ಬೀರುತ್ತಿರುವುದರಿಂದ ಮುಂದಿನ ಪೀಳಿಗೆಗೆ ಆಪಾಯಕ್ಕೆ ಸಿಲುಕಲಿದೆ ಎಂದರು.
ಕೆ ಎಸ್ ದಂಡಾಧಿಕಾರಿ, ಪ್ರಥಮ ದರ್ಜೆ ಸಹಾಯಕರು ಎನ್ ಎಸ್ ಕೊಟ್ಟೂರ, ಆರೋಗ್ಯ ನಿರೀಕ್ಷಣಾಧಿಕಾರಿ, ಎಸ್ ಎಲ್ ದೊಡಮನಿ ಪ್ರಾಥಮಿಕ ಆರೋಗ್ಯ ಸುರಕ್ಷಾಧಿಕಾರಿ ಆರ್ ಎಮ್ ಗೌಡರ, ರಾಜಶೇಖರ್ ಯೋಗನ್ನನ ಹಾಗೂ ಸಿಬ್ಬಂದಿ ವರ್ಗದವರು ಹಾಜರಿದ್ದರು. ವಿಶ್ವ ಪರಿಸರ ದಿನಾಚರಣೆ ಅಂಗವಾಗಿ ಪಟ್ಟಣದ ಪ್ರಾಥಮಿಕ ಆರೋಗ್ಯ ಕೇಂದ್ರದಲ್ಲಿ ಸಸಿ ನೆಡುವ ಕಾರ್ಯಕ್ರಮಕ್ಕೆ ವೈದ್ಯಾಧಿಕಾರಿ ಡಾ ಲಕ್ಷ್ಮಿ ತೆಲ್ಲೂರು ಚಾಲನೆ ನೀಡಿದರು. ಹಿರಿಯ ಆರೋಗ್ಯ ನಿರೀಕ್ಷಕರಾದ ಎ ಎಚ್ ಗೌಡರ ಹಾಗೂ ನೀಲಮ್ಮ ತಳವಾರ ಇತರರಿದ್ದರು.
Printed by : SHIVARAJ G. ARAKERI Published by: SHIVARAJ G. ARAKERI and Owned by : SHIVARAJ G. ARAKERI Printed at : ELEGANT OFFSET PRINTERS PVT LTD,
No.33/1 & 15/1, Behind Tatwadarsha Hospital, M.T. Sugar Industrial Estate, Gokul Road, Hubli -580030, Dharwad Dist. Karnataka. Published at : At No. 1, Laxmi Narayan Complex,
Ground Floor, Opp. Trupti Hotel, Koppikar Road, Hubli - 580020, Dharwad Dist., Karnataka. Editor : SHIVARAJ G. ARAKERI M.No.: 6366104556
CMYK
